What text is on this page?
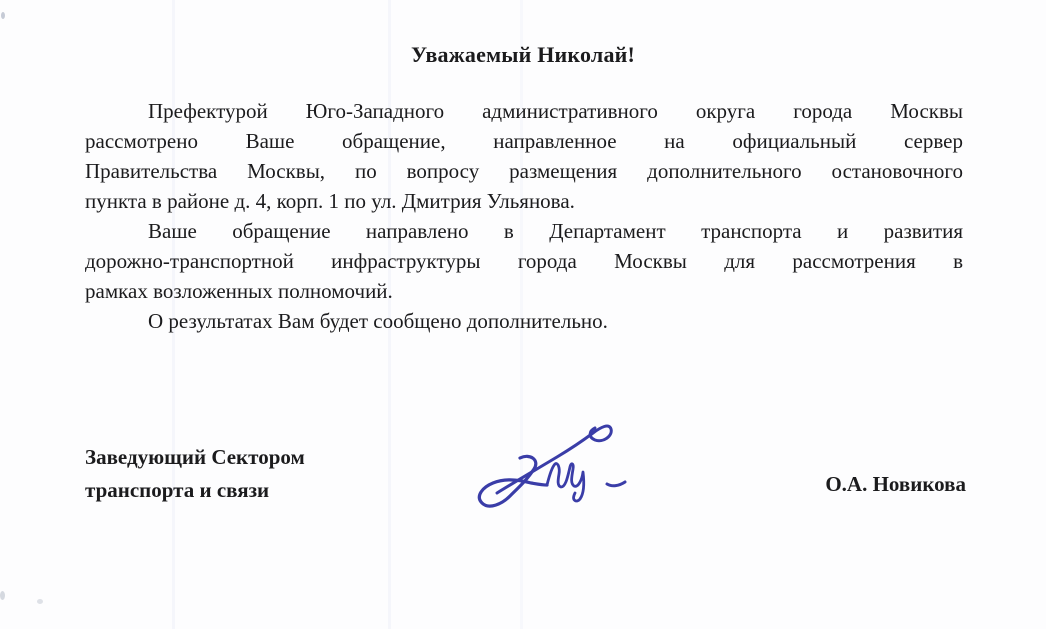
Уважаемый Николай!
Префектурой Юго-Западного административного округа города Москвы
рассмотрено Ваше обращение, направленное на официальный сервер
Правительства Москвы, по вопросу размещения дополнительного остановочного
пункта в районе д. 4, корп. 1 по ул. Дмитрия Ульянова.
Ваше обращение направлено в Департамент транспорта и развития
дорожно-транспортной инфраструктуры города Москвы для рассмотрения в
рамках возложенных полномочий.
О результатах Вам будет сообщено дополнительно.
Заведующий Сектором
транспорта и связи	О.А. Новикова
